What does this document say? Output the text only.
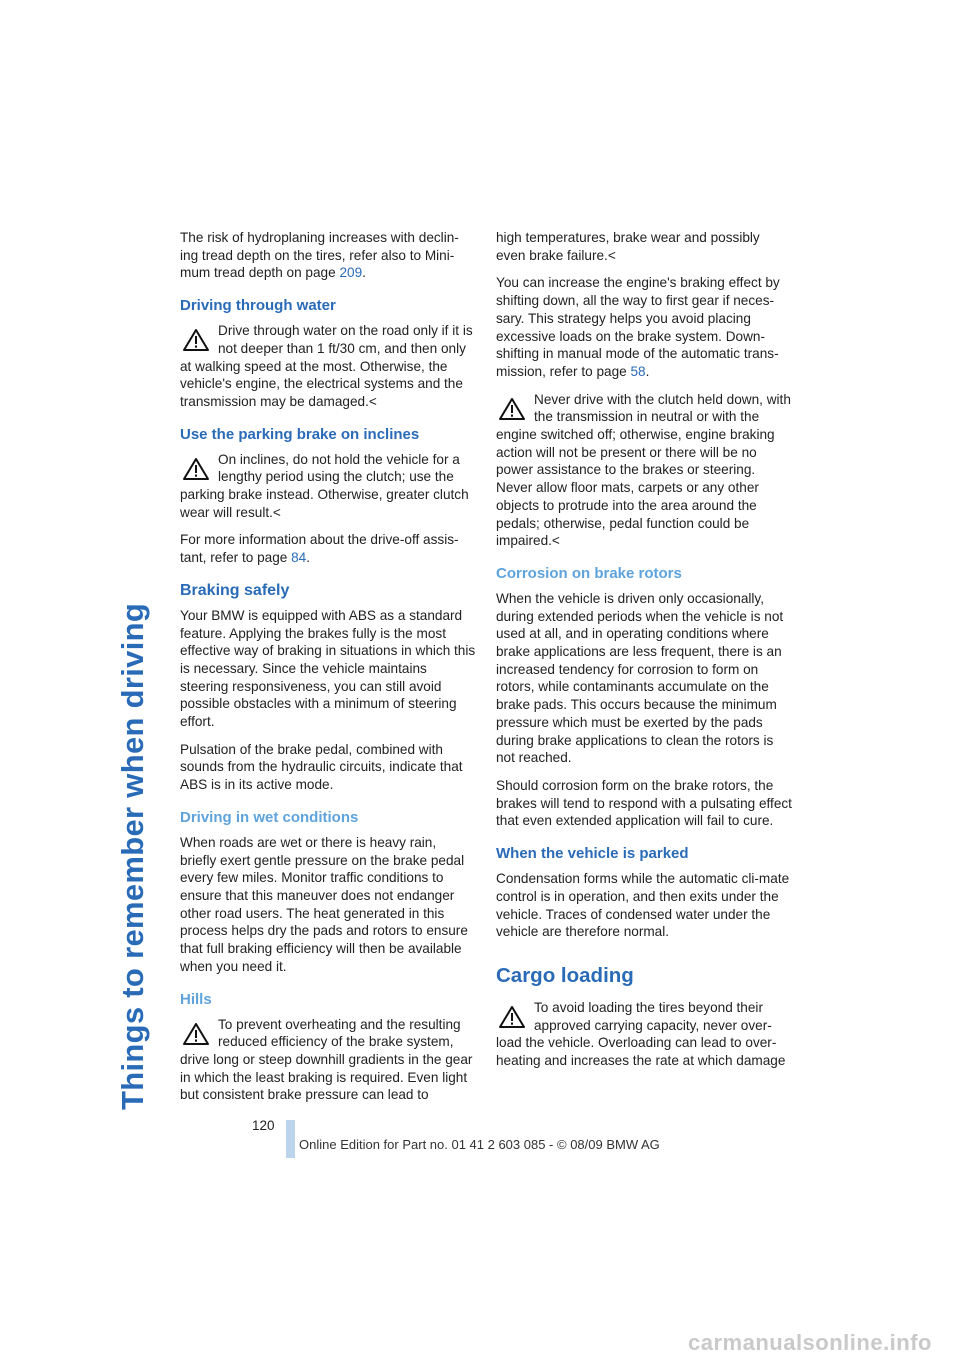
Things to remember when driving

The risk of hydroplaning increases with declin-ing tread depth on the tires, refer also to Mini-mum tread depth on page 209.

Driving through water
Drive through water on the road only if it is not deeper than 1 ft/30 cm, and then only at walking speed at the most. Otherwise, the vehicle's engine, the electrical systems and the transmission may be damaged.<
Use the parking brake on inclines
On inclines, do not hold the vehicle for a lengthy period using the clutch; use the parking brake instead. Otherwise, greater clutch wear will result.<

For more information about the drive-off assis-tant, refer to page 84.

Braking safely

Your BMW is equipped with ABS as a standard feature. Applying the brakes fully is the most effective way of braking in situations in which this is necessary. Since the vehicle maintains steering responsiveness, you can still avoid possible obstacles with a minimum of steering effort.

Pulsation of the brake pedal, combined with sounds from the hydraulic circuits, indicate that ABS is in its active mode.

Driving in wet conditions

When roads are wet or there is heavy rain, briefly exert gentle pressure on the brake pedal every few miles. Monitor traffic conditions to ensure that this maneuver does not endanger other road users. The heat generated in this process helps dry the pads and rotors to ensure that full braking efficiency will then be available when you need it.

Hills
To prevent overheating and the resulting reduced efficiency of the brake system, drive long or steep downhill gradients in the gear in which the least braking is required. Even light but consistent brake pressure can lead to

high temperatures, brake wear and possibly even brake failure.<

You can increase the engine's braking effect by shifting down, all the way to first gear if neces-sary. This strategy helps you avoid placing excessive loads on the brake system. Down-shifting in manual mode of the automatic trans-mission, refer to page 58.

Never drive with the clutch held down, with the transmission in neutral or with the engine switched off; otherwise, engine braking action will not be present or there will be no power assistance to the brakes or steering. Never allow floor mats, carpets or any other objects to protrude into the area around the pedals; otherwise, pedal function could be impaired.<
Corrosion on brake rotors

When the vehicle is driven only occasionally, during extended periods when the vehicle is not used at all, and in operating conditions where brake applications are less frequent, there is an increased tendency for corrosion to form on rotors, while contaminants accumulate on the brake pads. This occurs because the minimum pressure which must be exerted by the pads during brake applications to clean the rotors is not reached.

Should corrosion form on the brake rotors, the brakes will tend to respond with a pulsating effect that even extended application will fail to cure.

When the vehicle is parked

Condensation forms while the automatic cli-mate control is in operation, and then exits under the vehicle. Traces of condensed water under the vehicle are therefore normal.

Cargo loading
To avoid loading the tires beyond their approved carrying capacity, never over-load the vehicle. Overloading can lead to over-heating and increases the rate at which damage
120
Online Edition for Part no. 01 41 2 603 085 - © 08/09 BMW AG
carmanualsonline.info
